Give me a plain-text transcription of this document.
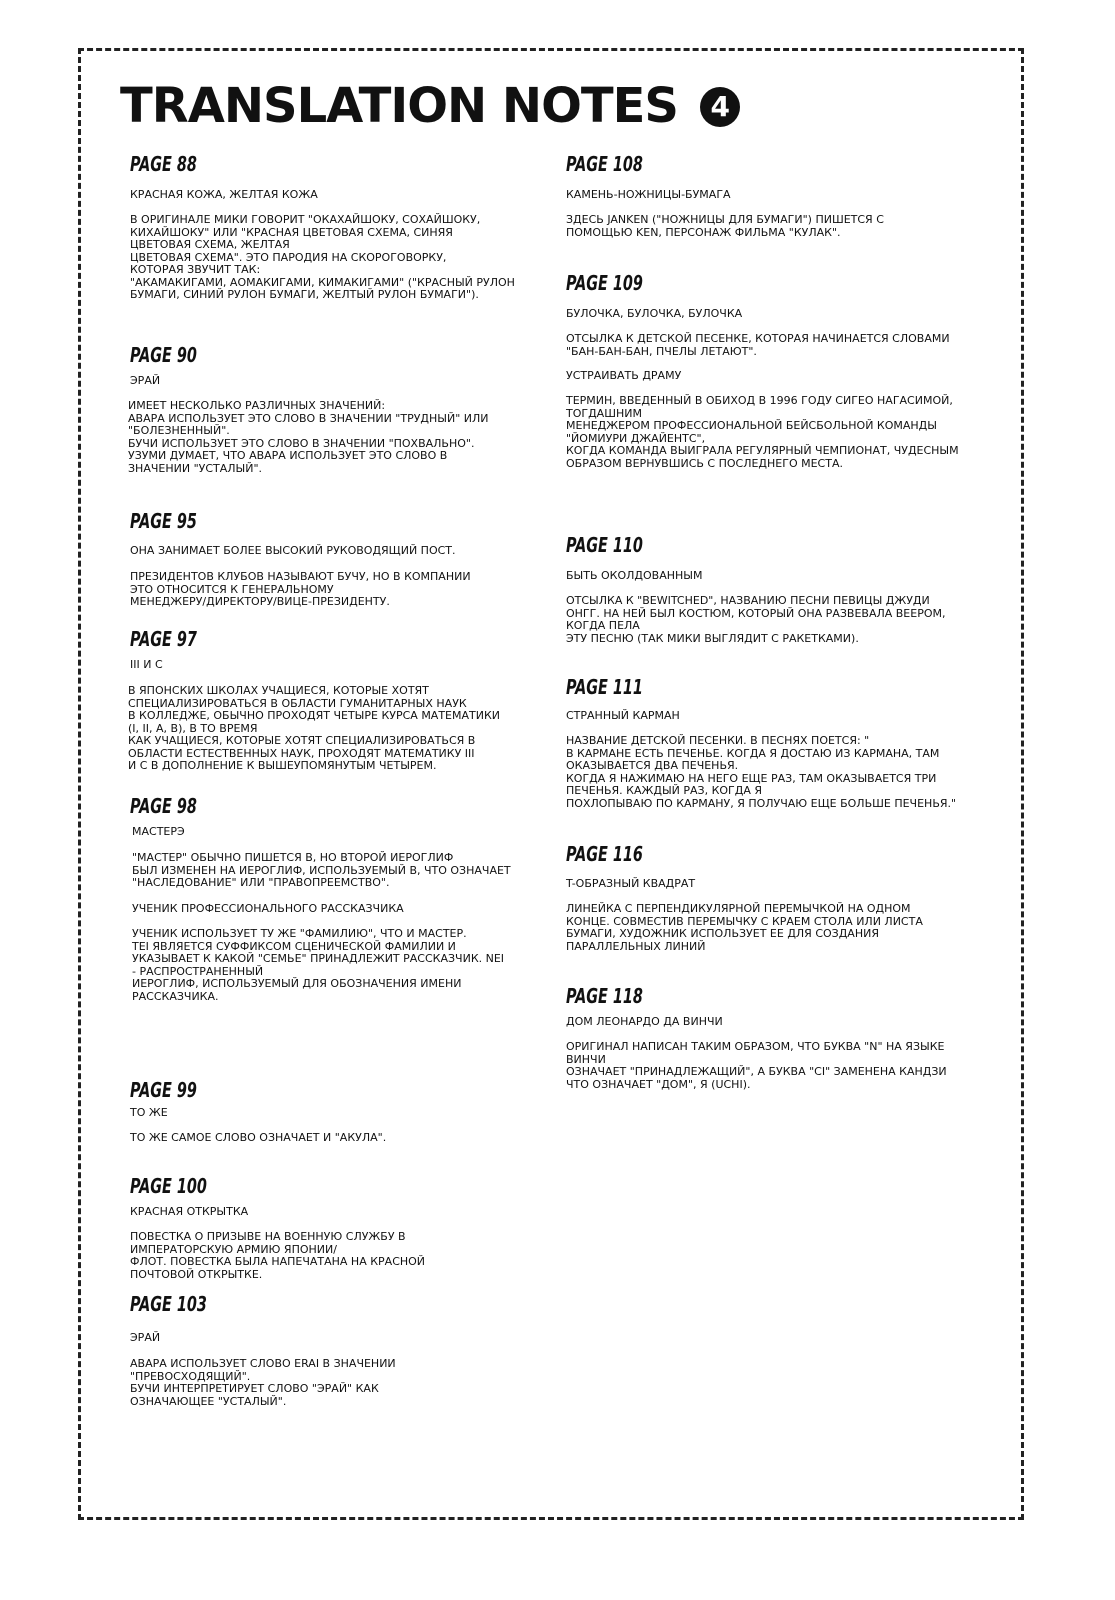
TRANSLATION NOTES 4
PAGE 88

КРАСНАЯ КОЖА, ЖЕЛТАЯ КОЖА

В ОРИГИНАЛЕ МИКИ ГОВОРИТ "ОКАХАЙШОКУ, СОХАЙШОКУ,
КИХАЙШОКУ" ИЛИ "КРАСНАЯ ЦВЕТОВАЯ СХЕМА, СИНЯЯ
ЦВЕТОВАЯ СХЕМА, ЖЕЛТАЯ
ЦВЕТОВАЯ СХЕМА". ЭТО ПАРОДИЯ НА СКОРОГОВОРКУ,
КОТОРАЯ ЗВУЧИТ ТАК:
"АКАМАКИГАМИ, АОМАКИГАМИ, КИМАКИГАМИ" ("КРАСНЫЙ РУЛОН
БУМАГИ, СИНИЙ РУЛОН БУМАГИ, ЖЕЛТЫЙ РУЛОН БУМАГИ").

PAGE 90

ЭРАЙ

ИМЕЕТ НЕСКОЛЬКО РАЗЛИЧНЫХ ЗНАЧЕНИЙ:
АВАРА ИСПОЛЬЗУЕТ ЭТО СЛОВО В ЗНАЧЕНИИ "ТРУДНЫЙ" ИЛИ
"БОЛЕЗНЕННЫЙ".
БУЧИ ИСПОЛЬЗУЕТ ЭТО СЛОВО В ЗНАЧЕНИИ "ПОХВАЛЬНО".
УЗУМИ ДУМАЕТ, ЧТО АВАРА ИСПОЛЬЗУЕТ ЭТО СЛОВО В
ЗНАЧЕНИИ "УСТАЛЫЙ".

PAGE 95

ОНА ЗАНИМАЕТ БОЛЕЕ ВЫСОКИЙ РУКОВОДЯЩИЙ ПОСТ.

ПРЕЗИДЕНТОВ КЛУБОВ НАЗЫВАЮТ БУЧУ, НО В КОМПАНИИ
ЭТО ОТНОСИТСЯ К ГЕНЕРАЛЬНОМУ
МЕНЕДЖЕРУ/ДИРЕКТОРУ/ВИЦЕ-ПРЕЗИДЕНТУ.

PAGE 97

III И C

В ЯПОНСКИХ ШКОЛАХ УЧАЩИЕСЯ, КОТОРЫЕ ХОТЯТ
СПЕЦИАЛИЗИРОВАТЬСЯ В ОБЛАСТИ ГУМАНИТАРНЫХ НАУК
В КОЛЛЕДЖЕ, ОБЫЧНО ПРОХОДЯТ ЧЕТЫРЕ КУРСА МАТЕМАТИКИ
(I, II, A, B), В ТО ВРЕМЯ
КАК УЧАЩИЕСЯ, КОТОРЫЕ ХОТЯТ СПЕЦИАЛИЗИРОВАТЬСЯ В
ОБЛАСТИ ЕСТЕСТВЕННЫХ НАУК, ПРОХОДЯТ МАТЕМАТИКУ III
И C В ДОПОЛНЕНИЕ К ВЫШЕУПОМЯНУТЫМ ЧЕТЫРЕМ.

PAGE 98

МАСТЕРЭ

"МАСТЕР" ОБЫЧНО ПИШЕТСЯ В, НО ВТОРОЙ ИЕРОГЛИФ
БЫЛ ИЗМЕНЕН НА ИЕРОГЛИФ, ИСПОЛЬЗУЕМЫЙ В, ЧТО ОЗНАЧАЕТ
"НАСЛЕДОВАНИЕ" ИЛИ "ПРАВОПРЕЕМСТВО".

УЧЕНИК ПРОФЕССИОНАЛЬНОГО РАССКАЗЧИКА

УЧЕНИК ИСПОЛЬЗУЕТ ТУ ЖЕ "ФАМИЛИЮ", ЧТО И МАСТЕР.
TEI ЯВЛЯЕТСЯ СУФФИКСОМ СЦЕНИЧЕСКОЙ ФАМИЛИИ И
УКАЗЫВАЕТ К КАКОЙ "СЕМЬЕ" ПРИНАДЛЕЖИТ РАССКАЗЧИК. NEI
- РАСПРОСТРАНЕННЫЙ
ИЕРОГЛИФ, ИСПОЛЬЗУЕМЫЙ ДЛЯ ОБОЗНАЧЕНИЯ ИМЕНИ
РАССКАЗЧИКА.

PAGE 99

ТО ЖЕ

ТО ЖЕ САМОЕ СЛОВО ОЗНАЧАЕТ И "АКУЛА".

PAGE 100

КРАСНАЯ ОТКРЫТКА

ПОВЕСТКА О ПРИЗЫВЕ НА ВОЕННУЮ СЛУЖБУ В
ИМПЕРАТОРСКУЮ АРМИЮ ЯПОНИИ/
ФЛОТ. ПОВЕСТКА БЫЛА НАПЕЧАТАНА НА КРАСНОЙ
ПОЧТОВОЙ ОТКРЫТКЕ.

PAGE 103

ЭРАЙ

АВАРА ИСПОЛЬЗУЕТ СЛОВО ERAI В ЗНАЧЕНИИ
"ПРЕВОСХОДЯЩИЙ".
БУЧИ ИНТЕРПРЕТИРУЕТ СЛОВО "ЭРАЙ" КАК
ОЗНАЧАЮЩЕЕ "УСТАЛЫЙ".

PAGE 108

КАМЕНЬ-НОЖНИЦЫ-БУМАГА

ЗДЕСЬ JANKEN ("НОЖНИЦЫ ДЛЯ БУМАГИ") ПИШЕТСЯ С
ПОМОЩЬЮ KEN, ПЕРСОНАЖ ФИЛЬМА "КУЛАК".

PAGE 109

БУЛОЧКА, БУЛОЧКА, БУЛОЧКА

ОТСЫЛКА К ДЕТСКОЙ ПЕСЕНКЕ, КОТОРАЯ НАЧИНАЕТСЯ СЛОВАМИ
"БАН-БАН-БАН, ПЧЕЛЫ ЛЕТАЮТ".

УСТРАИВАТЬ ДРАМУ

ТЕРМИН, ВВЕДЕННЫЙ В ОБИХОД В 1996 ГОДУ СИГЕО НАГАСИМОЙ,
ТОГДАШНИМ
МЕНЕДЖЕРОМ ПРОФЕССИОНАЛЬНОЙ БЕЙСБОЛЬНОЙ КОМАНДЫ
"ЙОМИУРИ ДЖАЙЕНТС",
КОГДА КОМАНДА ВЫИГРАЛА РЕГУЛЯРНЫЙ ЧЕМПИОНАТ, ЧУДЕСНЫМ
ОБРАЗОМ ВЕРНУВШИСЬ С ПОСЛЕДНЕГО МЕСТА.

PAGE 110

БЫТЬ ОКОЛДОВАННЫМ

ОТСЫЛКА К "BEWITCHED", НАЗВАНИЮ ПЕСНИ ПЕВИЦЫ ДЖУДИ
ОНГГ. НА НЕЙ БЫЛ КОСТЮМ, КОТОРЫЙ ОНА РАЗВЕВАЛА ВЕЕРОМ,
КОГДА ПЕЛА
ЭТУ ПЕСНЮ (ТАК МИКИ ВЫГЛЯДИТ С РАКЕТКАМИ).

PAGE 111

СТРАННЫЙ КАРМАН

НАЗВАНИЕ ДЕТСКОЙ ПЕСЕНКИ. В ПЕСНЯХ ПОЕТСЯ: "
В КАРМАНЕ ЕСТЬ ПЕЧЕНЬЕ. КОГДА Я ДОСТАЮ ИЗ КАРМАНА, ТАМ
ОКАЗЫВАЕТСЯ ДВА ПЕЧЕНЬЯ.
КОГДА Я НАЖИМАЮ НА НЕГО ЕЩЕ РАЗ, ТАМ ОКАЗЫВАЕТСЯ ТРИ
ПЕЧЕНЬЯ. КАЖДЫЙ РАЗ, КОГДА Я
ПОХЛОПЫВАЮ ПО КАРМАНУ, Я ПОЛУЧАЮ ЕЩЕ БОЛЬШЕ ПЕЧЕНЬЯ."

PAGE 116

T-ОБРАЗНЫЙ КВАДРАТ

ЛИНЕЙКА С ПЕРПЕНДИКУЛЯРНОЙ ПЕРЕМЫЧКОЙ НА ОДНОМ
КОНЦЕ. СОВМЕСТИВ ПЕРЕМЫЧКУ С КРАЕМ СТОЛА ИЛИ ЛИСТА
БУМАГИ, ХУДОЖНИК ИСПОЛЬЗУЕТ ЕЕ ДЛЯ СОЗДАНИЯ
ПАРАЛЛЕЛЬНЫХ ЛИНИЙ

PAGE 118

ДОМ ЛЕОНАРДО ДА ВИНЧИ

ОРИГИНАЛ НАПИСАН ТАКИМ ОБРАЗОМ, ЧТО БУКВА "N" НА ЯЗЫКЕ
ВИНЧИ
ОЗНАЧАЕТ "ПРИНАДЛЕЖАЩИЙ", А БУКВА "CI" ЗАМЕНЕНА КАНДЗИ
ЧТО ОЗНАЧАЕТ "ДОМ", Я (UCHI).
